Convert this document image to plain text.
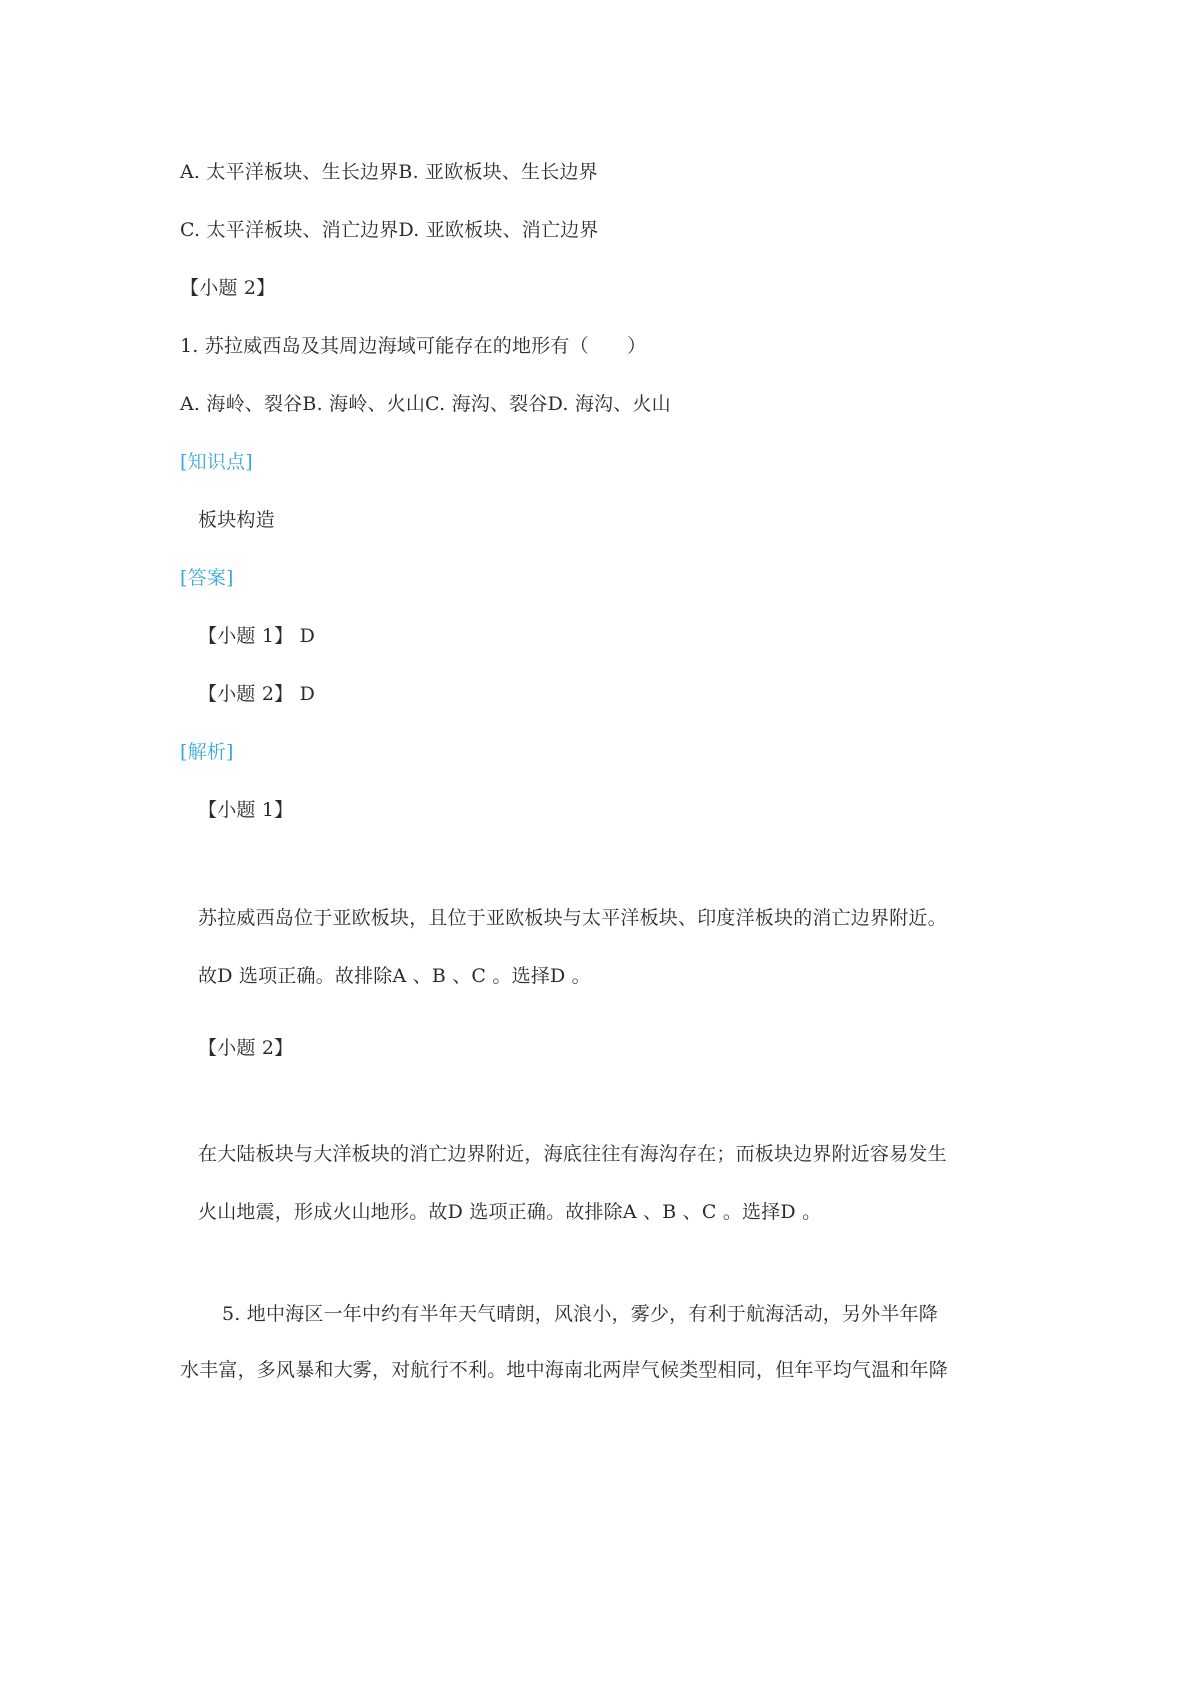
A. 太平洋板块、生长边界B. 亚欧板块、生长边界
C. 太平洋板块、消亡边界D. 亚欧板块、消亡边界
【小题 2】
1. 苏拉威西岛及其周边海域可能存在的地形有（　　）
A. 海岭、裂谷B. 海岭、火山C. 海沟、裂谷D. 海沟、火山
[知识点]
板块构造
[答案]
【小题 1】 D
【小题 2】 D
[解析]
【小题 1】
苏拉威西岛位于亚欧板块，且位于亚欧板块与太平洋板块、印度洋板块的消亡边界附近。
故D 选项正确。故排除A 、B 、C 。选择D 。
【小题 2】
在大陆板块与大洋板块的消亡边界附近，海底往往有海沟存在；而板块边界附近容易发生
火山地震，形成火山地形。故D 选项正确。故排除A 、B 、C 。选择D 。
5. 地中海区一年中约有半年天气晴朗，风浪小，雾少，有利于航海活动，另外半年降
水丰富，多风暴和大雾，对航行不利。地中海南北两岸气候类型相同，但年平均气温和年降
